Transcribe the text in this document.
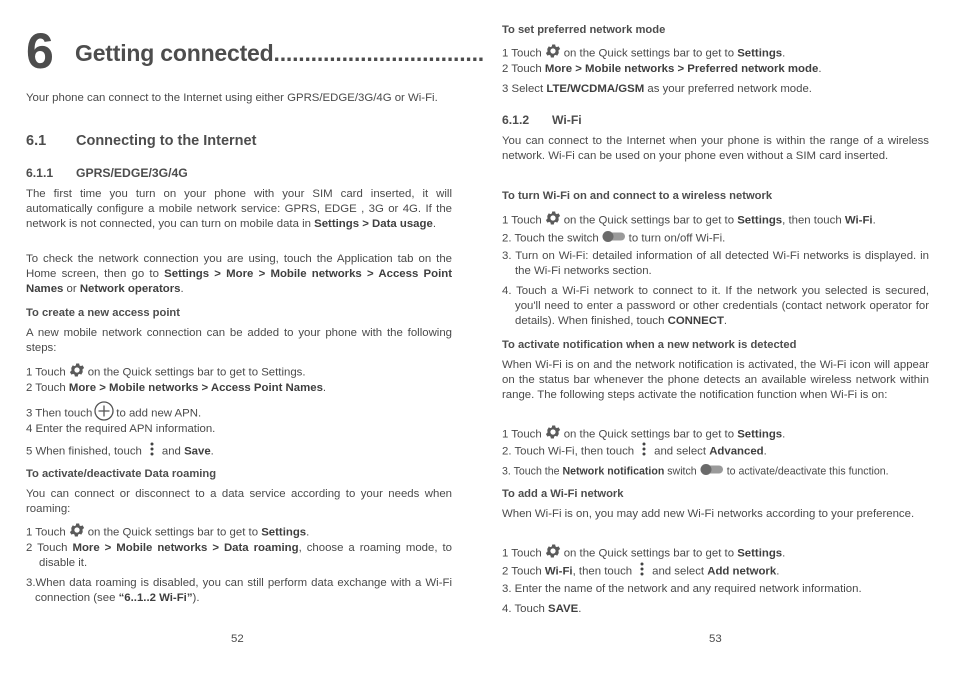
6 Getting connected..................................
Your phone can connect to the Internet using either GPRS/EDGE/3G/4G or Wi-Fi.
6.1 Connecting to the Internet
6.1.1 GPRS/EDGE/3G/4G
The first time you turn on your phone with your SIM card inserted, it will automatically configure a mobile network service: GPRS, EDGE , 3G or 4G. If the network is not connected, you can turn on mobile data in Settings > Data usage.
To check the network connection you are using, touch the Application tab on the Home screen, then go to Settings > More > Mobile networks > Access Point Names or Network operators.
To create a new access point
A new mobile network connection can be added to your phone with the following steps:
1 Touch on the Quick settings bar to get to Settings.
2 Touch More > Mobile networks > Access Point Names.
3 Then touch to add new APN.
4 Enter the required APN information.
5 When finished, touch and Save.
To activate/deactivate Data roaming
You can connect or disconnect to a data service according to your needs when roaming:
1 Touch on the Quick settings bar to get to Settings.
2 Touch More > Mobile networks > Data roaming, choose a roaming mode, to disable it.
3.When data roaming is disabled, you can still perform data exchange with a Wi-Fi connection (see “6..1..2 Wi-Fi”).
52
To set preferred network mode
1 Touch on the Quick settings bar to get to Settings.
2 Touch More > Mobile networks > Preferred network mode.
3 Select LTE/WCDMA/GSM as your preferred network mode.
6.1.2 Wi-Fi
You can connect to the Internet when your phone is within the range of a wireless network. Wi-Fi can be used on your phone even without a SIM card inserted.
To turn Wi-Fi on and connect to a wireless network
1 Touch on the Quick settings bar to get to Settings, then touch Wi-Fi.
2. Touch the switch	to turn on/off Wi-Fi.
3. Turn on Wi-Fi: detailed information of all detected Wi-Fi networks is displayed. in the Wi-Fi networks section.
4. Touch a Wi-Fi network to connect to it. If the network you selected is secured, you'll need to enter a password or other credentials (contact network operator for details). When finished, touch CONNECT.
To activate notification when a new network is detected
When Wi-Fi is on and the network notification is activated, the Wi-Fi icon will appear on the status bar whenever the phone detects an available wireless network within range. The following steps activate the notification function when Wi-Fi is on:
1 Touch on the Quick settings bar to get to Settings.
2. Touch Wi-Fi, then touch and select Advanced.
3. Touch the Network notification switch	to activate/deactivate this function.
To add a Wi-Fi network
When Wi-Fi is on, you may add new Wi-Fi networks according to your preference.
1 Touch on the Quick settings bar to get to Settings.
2 Touch Wi-Fi, then touch and select Add network.
3. Enter the name of the network and any required network information.
4. Touch SAVE.
53
